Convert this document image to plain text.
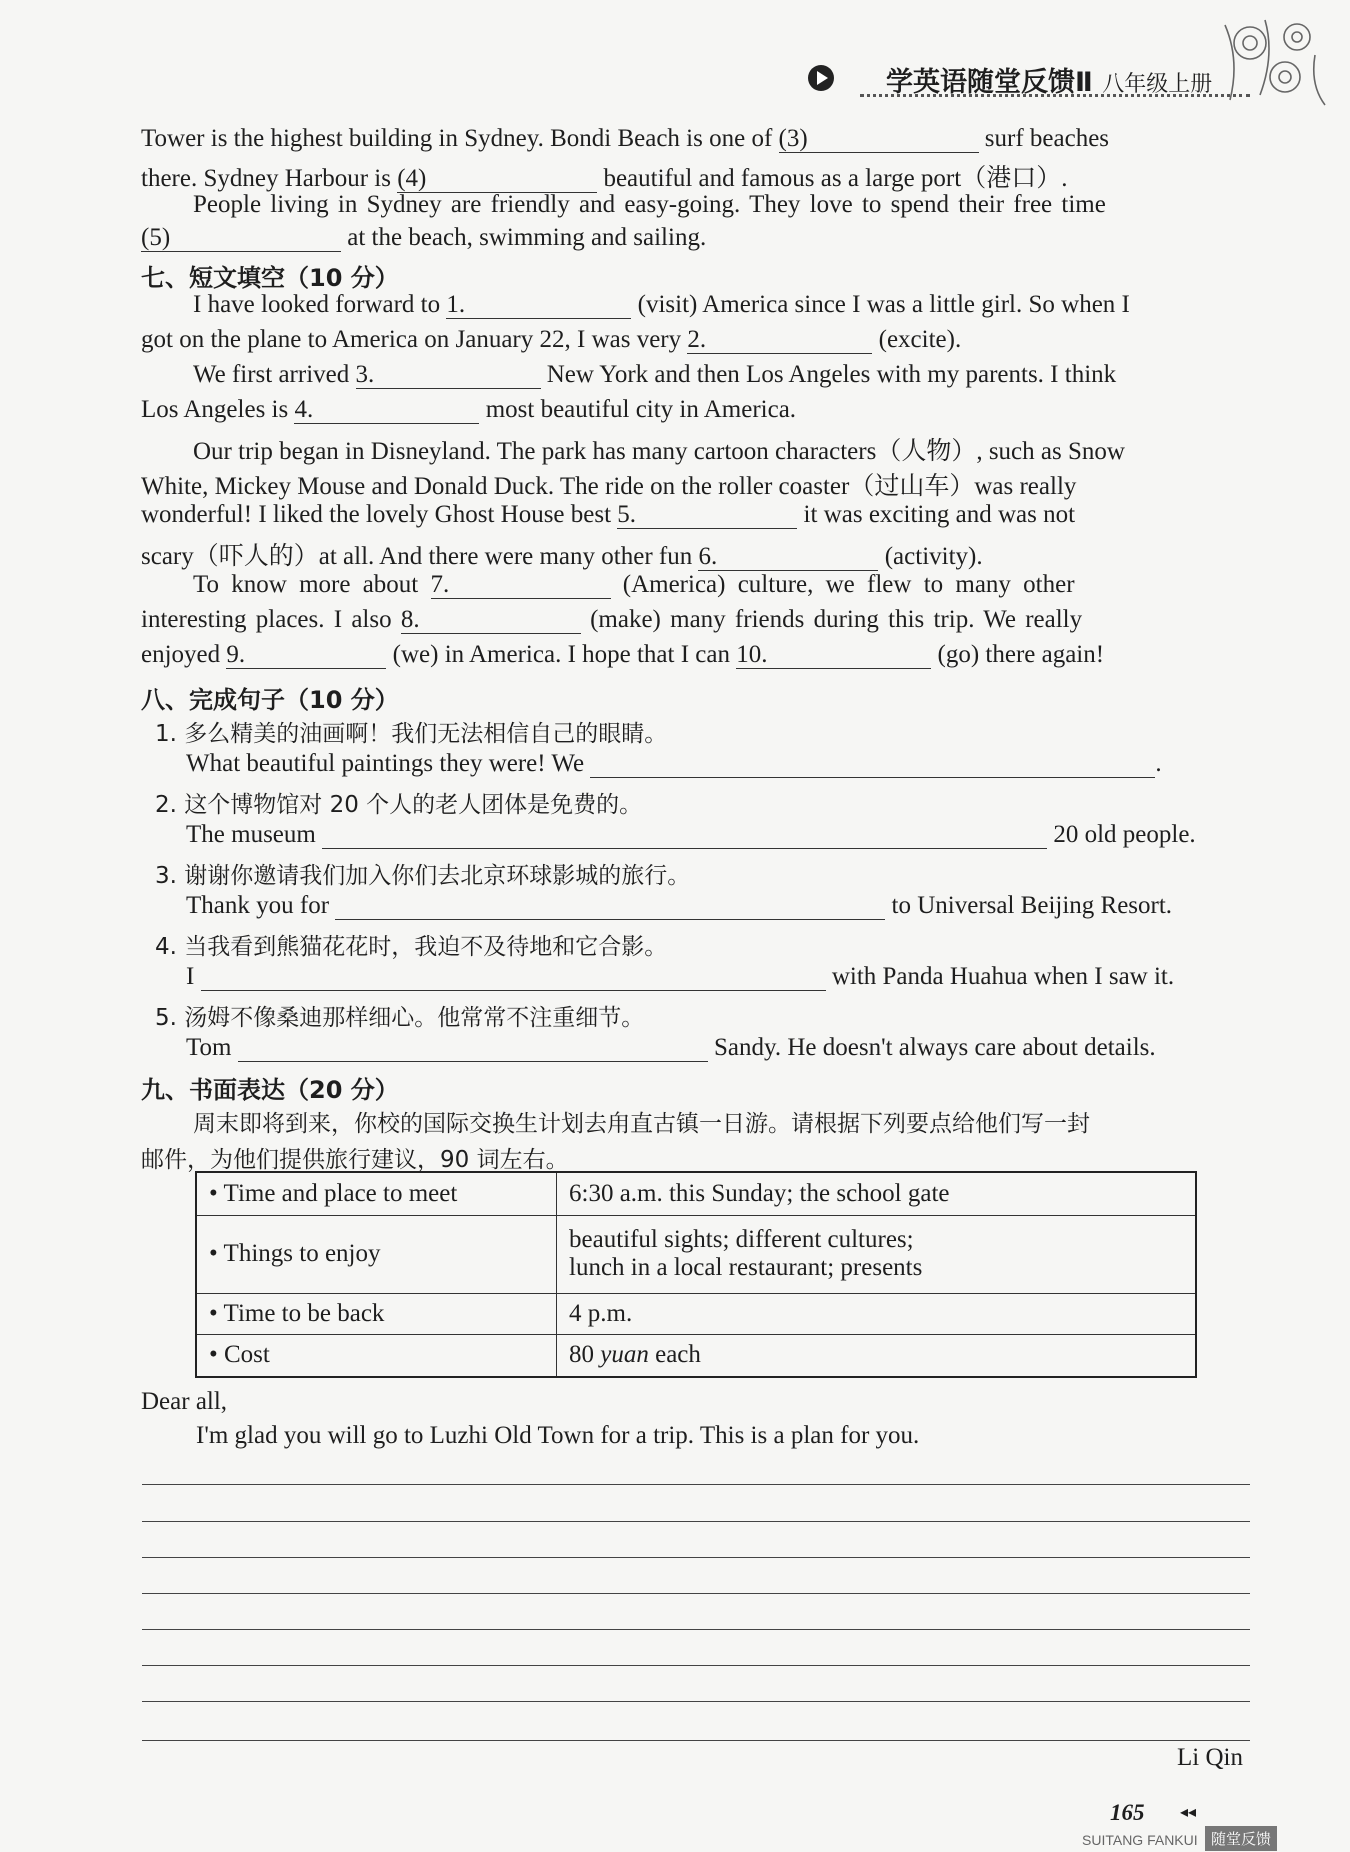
学英语随堂反馈Ⅱ 八年级上册
Tower is the highest building in Sydney. Bondi Beach is one of (3)	surf beaches
there. Sydney Harbour is (4)	beautiful and famous as a large port（港口）.
People living in Sydney are friendly and easy-going. They love to spend their free time
(5)	at the beach, swimming and sailing.
七、短文填空（10 分）
I have looked forward to 1.	(visit) America since I was a little girl. So when I
got on the plane to America on January 22, I was very 2.	(excite).
We first arrived 3.	New York and then Los Angeles with my parents. I think
Los Angeles is 4.	most beautiful city in America.
Our trip began in Disneyland. The park has many cartoon characters（人物）, such as Snow
White, Mickey Mouse and Donald Duck. The ride on the roller coaster（过山车）was really
wonderful! I liked the lovely Ghost House best 5.	it was exciting and was not
scary（吓人的）at all. And there were many other fun 6.	(activity).
To know more about 7.	(America) culture, we flew to many other
interesting places. I also 8.	(make) many friends during this trip. We really
enjoyed 9.	(we) in America. I hope that I can 10.	(go) there again!
八、完成句子（10 分）
1. 多么精美的油画啊！我们无法相信自己的眼睛。
What beautiful paintings they were! We	.
2. 这个博物馆对 20 个人的老人团体是免费的。
The museum	20 old people.
3. 谢谢你邀请我们加入你们去北京环球影城的旅行。
Thank you for	to Universal Beijing Resort.
4. 当我看到熊猫花花时，我迫不及待地和它合影。
I	with Panda Huahua when I saw it.
5. 汤姆不像桑迪那样细心。他常常不注重细节。
Tom	Sandy. He doesn't always care about details.
九、书面表达（20 分）
周末即将到来，你校的国际交换生计划去甪直古镇一日游。请根据下列要点给他们写一封
邮件，为他们提供旅行建议，90 词左右。
• Time and place to meet	6:30 a.m. this Sunday; the school gate
• Things to enjoy	beautiful sights; different cultures;
lunch in a local restaurant; presents

• Time to be back	4 p.m.
• Cost	80 yuan each
Dear all,
I'm glad you will go to Luzhi Old Town for a trip. This is a plan for you.
Li Qin
165 ◂◂
SUITANG FANKUI 随堂反馈
